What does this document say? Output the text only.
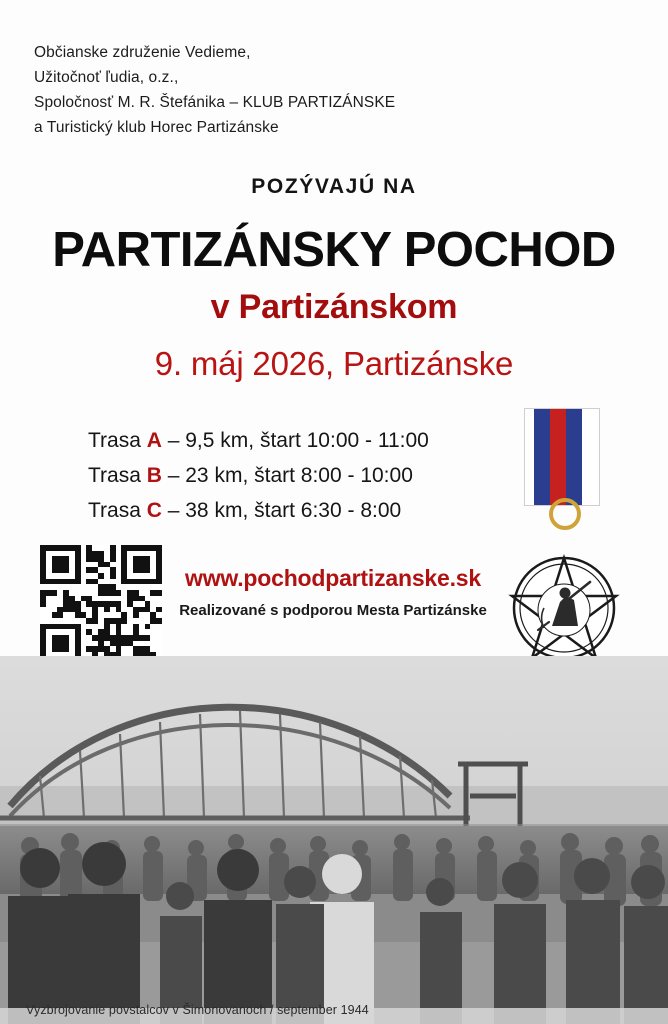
Občianske združenie Vedieme,
Užitočnoť ľudia, o.z.,
Spoločnosť M. R. Štefánika – KLUB PARTIZÁNSKE
a Turistický klub Horec Partizánske
POZÝVAJÚ NA
PARTIZÁNSKY POCHOD
v Partizánskom
9. máj 2026, Partizánske
Trasa A – 9,5 km, štart 10:00 - 11:00
Trasa B – 23 km, štart 8:00 - 10:00
Trasa C – 38 km, štart 6:30 - 8:00
www.pochodpartizanske.sk
Realizované s podporou Mesta Partizánske
Vyzbrojovanie povstalcov v Šimonovanoch / september 1944
